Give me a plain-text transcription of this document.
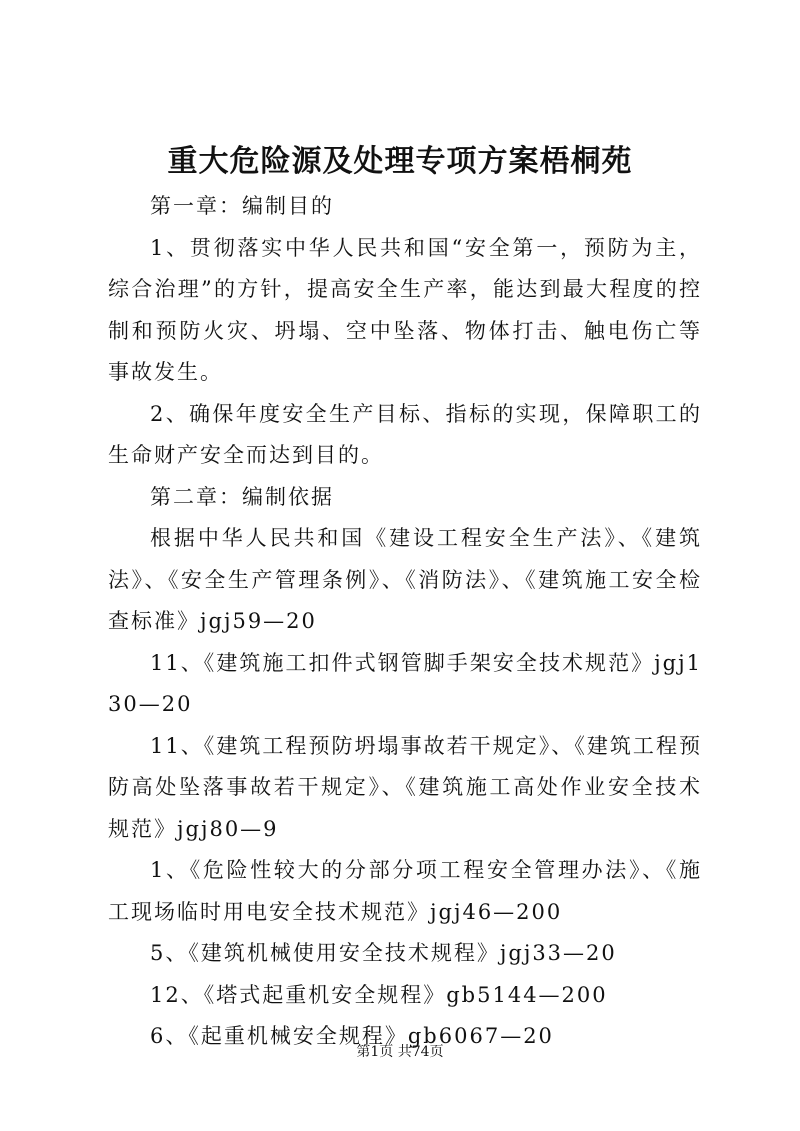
重大危险源及处理专项方案梧桐苑

第一章：编制目的

1、贯彻落实中华人民共和国“安全第一，预防为主，综合治理”的方针，提高安全生产率，能达到最大程度的控制和预防火灾、坍塌、空中坠落、物体打击、触电伤亡等事故发生。

2、确保年度安全生产目标、指标的实现，保障职工的生命财产安全而达到目的。

第二章：编制依据

根据中华人民共和国《建设工程安全生产法》、《建筑法》、《安全生产管理条例》、《消防法》、《建筑施工安全检查标准》jgj59—20

11、《建筑施工扣件式钢管脚手架安全技术规范》jgj130—20

11、《建筑工程预防坍塌事故若干规定》、《建筑工程预防高处坠落事故若干规定》、《建筑施工高处作业安全技术规范》jgj80—9

1、《危险性较大的分部分项工程安全管理办法》、《施工现场临时用电安全技术规范》jgj46—200

5、《建筑机械使用安全技术规程》jgj33—20

12、《塔式起重机安全规程》gb5144—200

6、《起重机械安全规程》gb6067—20

第1页 共74页
